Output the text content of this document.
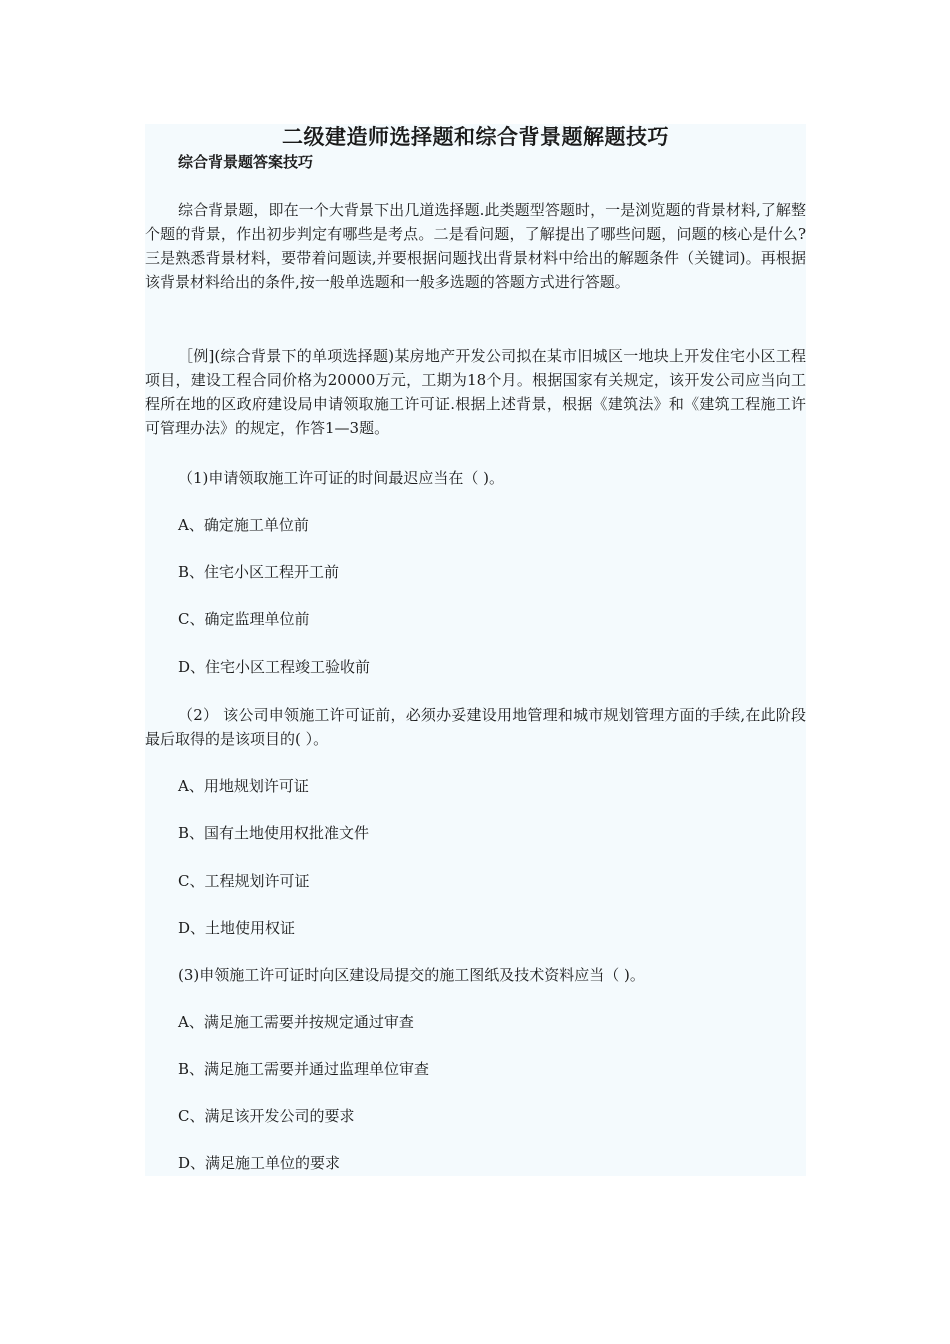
二级建造师选择题和综合背景题解题技巧

综合背景题答案技巧

综合背景题，即在一个大背景下出几道选择题.此类题型答题时，一是浏览题的背景材料,了解整个题的背景，作出初步判定有哪些是考点。二是看问题，了解提出了哪些问题，问题的核心是什么?三是熟悉背景材料，要带着问题读,并要根据问题找出背景材料中给出的解题条件（关键词)。再根据该背景材料给出的条件,按一般单选题和一般多选题的答题方式进行答题。

［例](综合背景下的单项选择题)某房地产开发公司拟在某市旧城区一地块上开发住宅小区工程项目，建设工程合同价格为20000万元，工期为18个月。根据国家有关规定，该开发公司应当向工程所在地的区政府建设局申请领取施工许可证.根据上述背景，根据《建筑法》和《建筑工程施工许可管理办法》的规定，作答1—3题。

（1)申请领取施工许可证的时间最迟应当在（ )。

A、确定施工单位前

B、住宅小区工程开工前

C、确定监理单位前

D、住宅小区工程竣工验收前

（2） 该公司申领施工许可证前，必须办妥建设用地管理和城市规划管理方面的手续,在此阶段最后取得的是该项目的( ）。

A、用地规划许可证

B、国有土地使用权批准文件

C、工程规划许可证

D、土地使用权证

(3)申领施工许可证时向区建设局提交的施工图纸及技术资料应当（ )。

A、满足施工需要并按规定通过审查

B、满足施工需要并通过监理单位审查

C、满足该开发公司的要求

D、满足施工单位的要求
